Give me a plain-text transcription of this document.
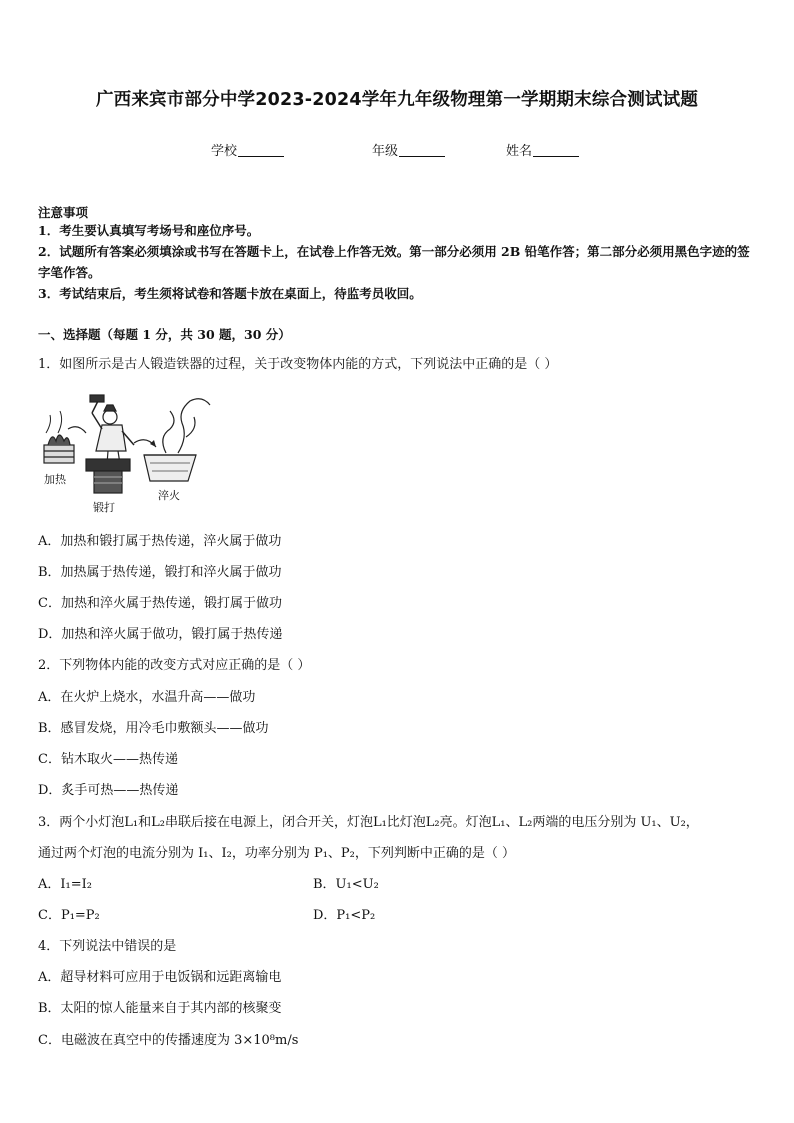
广西来宾市部分中学2023-2024学年九年级物理第一学期期末综合测试试题
学校	年级	姓名
注意事项
1．考生要认真填写考场号和座位序号。
2．试题所有答案必须填涂或书写在答题卡上，在试卷上作答无效。第一部分必须用 2B 铅笔作答；第二部分必须用黑色字迹的签字笔作答。
3．考试结束后，考生须将试卷和答题卡放在桌面上，待监考员收回。
一、选择题（每题 1 分，共 30 题，30 分）
1．如图所示是古人锻造铁器的过程，关于改变物体内能的方式，下列说法中正确的是（ ）
加热
锻打
淬火
A．加热和锻打属于热传递，淬火属于做功
B．加热属于热传递，锻打和淬火属于做功
C．加热和淬火属于热传递，锻打属于做功
D．加热和淬火属于做功，锻打属于热传递
2．下列物体内能的改变方式对应正确的是（ ）
A．在火炉上烧水，水温升高——做功
B．感冒发烧，用冷毛巾敷额头——做功
C．钻木取火——热传递
D．炙手可热——热传递
3．两个小灯泡L₁和L₂串联后接在电源上，闭合开关，灯泡L₁比灯泡L₂亮。灯泡L₁、L₂两端的电压分别为 U₁、U₂，
通过两个灯泡的电流分别为 I₁、I₂，功率分别为 P₁、P₂，下列判断中正确的是（ ）
A．I₁=I₂	B．U₁<U₂
C．P₁=P₂	D．P₁<P₂
4．下列说法中错误的是
A．超导材料可应用于电饭锅和远距离输电
B．太阳的惊人能量来自于其内部的核聚变
C．电磁波在真空中的传播速度为 3×10⁸m/s
